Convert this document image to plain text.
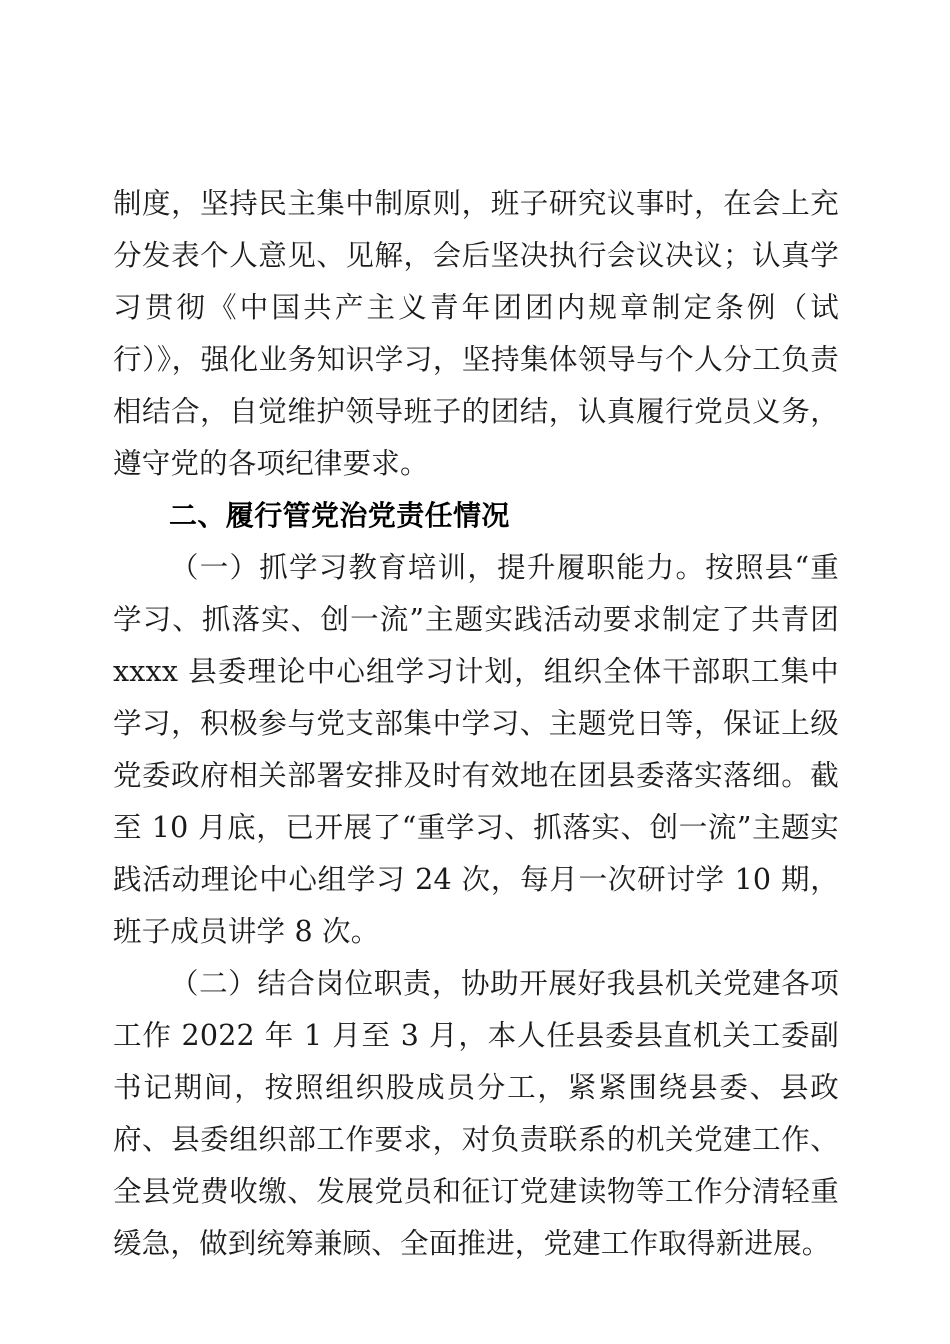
制度，坚持民主集中制原则，班子研究议事时，在会上充分发表个人意见、见解，会后坚决执行会议决议；认真学习贯彻《中国共产主义青年团团内规章制定条例（试行）》，强化业务知识学习，坚持集体领导与个人分工负责相结合，自觉维护领导班子的团结，认真履行党员义务，遵守党的各项纪律要求。

二、履行管党治党责任情况

（一）抓学习教育培训，提升履职能力。按照县“重学习、抓落实、创一流”主题实践活动要求制定了共青团 xxxx 县委理论中心组学习计划，组织全体干部职工集中学习，积极参与党支部集中学习、主题党日等，保证上级党委政府相关部署安排及时有效地在团县委落实落细。截至 10 月底，已开展了“重学习、抓落实、创一流”主题实践活动理论中心组学习 24 次，每月一次研讨学 10 期，班子成员讲学 8 次。

（二）结合岗位职责，协助开展好我县机关党建各项工作 2022 年 1 月至 3 月，本人任县委县直机关工委副书记期间，按照组织股成员分工，紧紧围绕县委、县政府、县委组织部工作要求，对负责联系的机关党建工作、全县党费收缴、发展党员和征订党建读物等工作分清轻重缓急，做到统筹兼顾、全面推进，党建工作取得新进展。
